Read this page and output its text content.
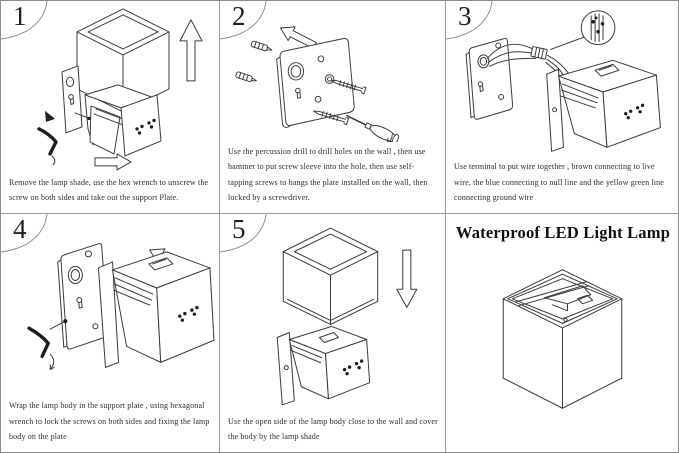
1

Remove the lamp shade, use the hex wrench to unscrew the screw on both sides and take out the support Plate.

2

Use the percussion drill to drill holes on the wall , then use hammer to put screw sleeve into the hole, then use self-tapping screws to hangs the plate installed on the wall, then locked by a screwdriver.

3

Use terminal to put wire together , brown connecting to live wire, the blue connecting to null line and the yellow green line connecting ground wire

4

Wrap the lamp body in the support plate , using hexagonal wrench to lock the screws on both sides and fixing the lamp body on the plate

5

Use the open side of the lamp body close to the wall and cover the body by the lamp shade

Waterproof LED Light Lamp
